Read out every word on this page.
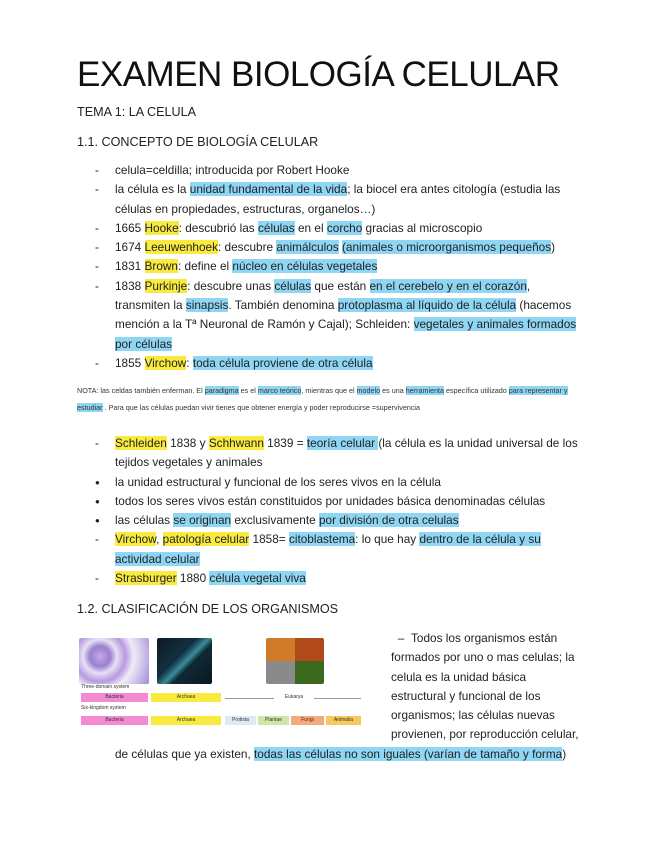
EXAMEN BIOLOGÍA CELULAR
TEMA 1: LA CELULA
1.1. CONCEPTO DE BIOLOGÍA CELULAR
-	celula=celdilla; introducida por Robert Hooke
-	la célula es la unidad fundamental de la vida; la biocel era antes citología (estudia las células en propiedades, estructuras, organelos…)
-	1665 Hooke: descubrió las células en el corcho gracias al microscopio
-	1674 Leeuwenhoek: descubre animálculos (animales o microorganismos pequeños)
-	1831 Brown: define el núcleo en células vegetales
-	1838 Purkinje: descubre unas células que están en el cerebelo y en el corazón, transmiten la sinapsis. También denomina protoplasma al líquido de la célula (hacemos mención a la Tª Neuronal de Ramón y Cajal); Schleiden: vegetales y animales formados por células
-	1855 Virchow: toda célula proviene de otra célula
NOTA: las celdas también enferman. El paradigma es el marco teórico, mientras que el modelo es una herramienta específica utilizado para representar y estudiar . Para que las células puedan vivir tienes que obtener energía y poder reproducirse =supervivencia
-	Schleiden 1838 y Schhwann 1839 = teoría celular (la célula es la unidad universal de los tejidos vegetales y animales
●	la unidad estructural y funcional de los seres vivos en la célula
●	todos los seres vivos están constituidos por unidades básica denominadas células
●	las células se originan exclusivamente por división de otra celulas
-	Virchow, patología celular 1858= citoblastema: lo que hay dentro de la célula y su actividad celular
-	Strasburger 1880 célula vegetal viva
1.2. CLASIFICACIÓN DE LOS ORGANISMOS
Three-domain system
Bacteria	Archaea	Eukarya
Six-kingdom system
Bacteria	Archaea	Protista	Plantae	Fungi	Animalia
– Todos los organismos están formados por uno o mas celulas; la celula es la unidad básica estructural y funcional de los organismos; las células nuevas provienen, por reproducción celular,
de células que ya existen, todas las células no son iguales (varían de tamaño y forma)
